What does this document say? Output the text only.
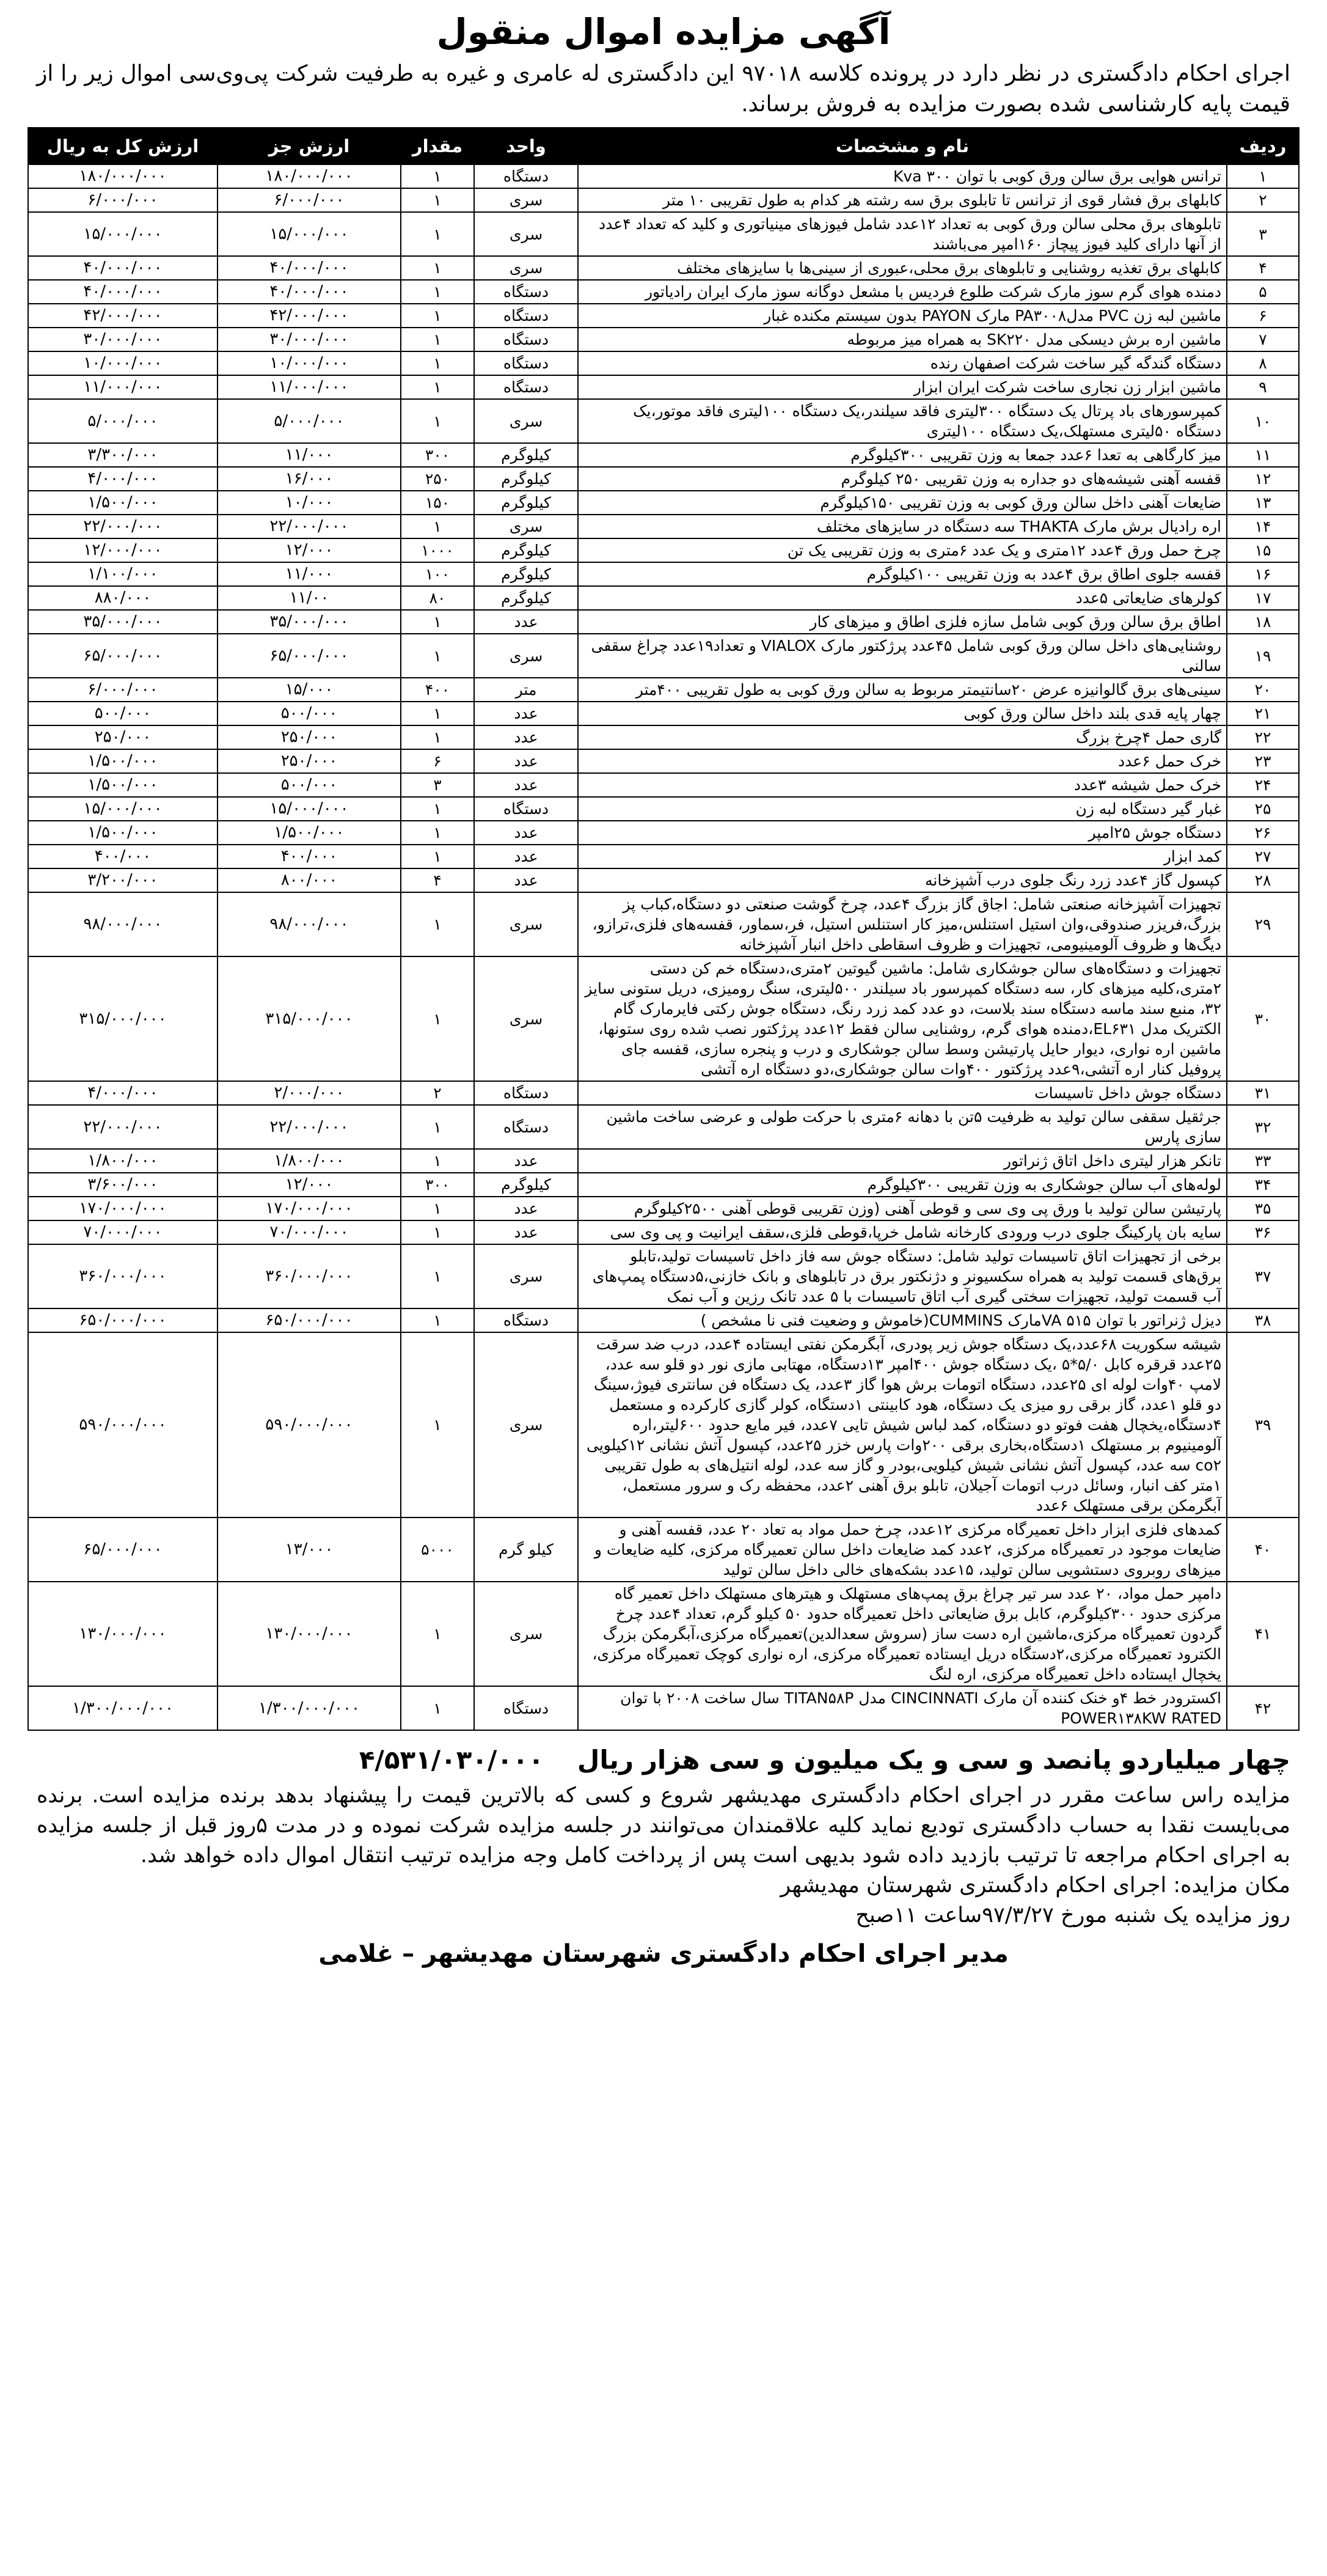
آگهی مزایده اموال منقول
اجرای احکام دادگستری در نظر دارد در پرونده کلاسه ۹۷۰۱۸ این دادگستری له عامری و غیره به طرفیت شرکت پی‌وی‌سی اموال زیر را از قیمت پایه کارشناسی شده بصورت مزایده به فروش برساند.
ردیف	نام و مشخصات	واحد	مقدار	ارزش جز	ارزش کل به ریال
۱	ترانس هوایی برق سالن ورق کوبی با توان ۳۰۰ Kva	دستگاه	۱	۱۸۰/۰۰۰/۰۰۰	۱۸۰/۰۰۰/۰۰۰
۲	کابلهای برق فشار قوی از ترانس تا تابلوی برق سه رشته هر کدام به طول تقریبی ۱۰ متر	سری	۱	۶/۰۰۰/۰۰۰	۶/۰۰۰/۰۰۰
۳	تابلوهای برق محلی سالن ورق کوبی به تعداد ۱۲عدد شامل فیوزهای مینیاتوری و کلید که تعداد ۴عدد از آنها دارای کلید فیوز پیچاز ۱۶۰امپر می‌باشند	سری	۱	۱۵/۰۰۰/۰۰۰	۱۵/۰۰۰/۰۰۰
۴	کابلهای برق تغذیه روشنایی و تابلوهای برق محلی،عبوری از سینی‌ها با سایزهای مختلف	سری	۱	۴۰/۰۰۰/۰۰۰	۴۰/۰۰۰/۰۰۰
۵	دمنده هوای گرم سوز مارک شرکت طلوع فردیس با مشعل دوگانه سوز مارک ایران رادیاتور	دستگاه	۱	۴۰/۰۰۰/۰۰۰	۴۰/۰۰۰/۰۰۰
۶	ماشین لبه زن PVC مدلPA۳۰۰۸ مارک PAYON بدون سیستم مکنده غبار	دستگاه	۱	۴۲/۰۰۰/۰۰۰	۴۲/۰۰۰/۰۰۰
۷	ماشین اره برش دیسکی مدل SK۲۲۰ به همراه میز مربوطه	دستگاه	۱	۳۰/۰۰۰/۰۰۰	۳۰/۰۰۰/۰۰۰
۸	دستگاه گندگه گیر ساخت شرکت اصفهان رنده	دستگاه	۱	۱۰/۰۰۰/۰۰۰	۱۰/۰۰۰/۰۰۰
۹	ماشین ابزار زن نجاری ساخت شرکت ایران ابزار	دستگاه	۱	۱۱/۰۰۰/۰۰۰	۱۱/۰۰۰/۰۰۰
۱۰	کمپرسورهای باد پرتال یک دستگاه ۳۰۰لیتری فاقد سیلندر،یک دستگاه ۱۰۰لیتری فاقد موتور،یک دستگاه ۵۰لیتری مستهلک،یک دستگاه ۱۰۰لیتری	سری	۱	۵/۰۰۰/۰۰۰	۵/۰۰۰/۰۰۰
۱۱	میز کارگاهی به تعدا ۶عدد جمعا به وزن تقریبی ۳۰۰کیلوگرم	کیلوگرم	۳۰۰	۱۱/۰۰۰	۳/۳۰۰/۰۰۰
۱۲	قفسه آهنی شیشه‌های دو جداره به وزن تقریبی ۲۵۰ کیلوگرم	کیلوگرم	۲۵۰	۱۶/۰۰۰	۴/۰۰۰/۰۰۰
۱۳	ضایعات آهنی داخل سالن ورق کوبی به وزن تقریبی ۱۵۰کیلوگرم	کیلوگرم	۱۵۰	۱۰/۰۰۰	۱/۵۰۰/۰۰۰
۱۴	اره رادیال برش مارک THAKTA سه دستگاه در سایزهای مختلف	سری	۱	۲۲/۰۰۰/۰۰۰	۲۲/۰۰۰/۰۰۰
۱۵	چرخ حمل ورق ۴عدد ۱۲متری و یک عدد ۶متری به وزن تقریبی یک تن	کیلوگرم	۱۰۰۰	۱۲/۰۰۰	۱۲/۰۰۰/۰۰۰
۱۶	قفسه جلوی اطاق برق ۴عدد به وزن تقریبی ۱۰۰کیلوگرم	کیلوگرم	۱۰۰	۱۱/۰۰۰	۱/۱۰۰/۰۰۰
۱۷	کولرهای ضایعاتی ۵عدد	کیلوگرم	۸۰	۱۱/۰۰	۸۸۰/۰۰۰
۱۸	اطاق برق سالن ورق کوبی شامل سازه فلزی اطاق و میزهای کار	عدد	۱	۳۵/۰۰۰/۰۰۰	۳۵/۰۰۰/۰۰۰
۱۹	روشنایی‌های داخل سالن ورق کوبی شامل ۴۵عدد پرژکتور مارک VIALOX و تعداد۱۹عدد چراغ سقفی سالنی	سری	۱	۶۵/۰۰۰/۰۰۰	۶۵/۰۰۰/۰۰۰
۲۰	سینی‌های برق گالوانیزه عرض ۲۰سانتیمتر مربوط به سالن ورق کوبی به طول تقریبی ۴۰۰متر	متر	۴۰۰	۱۵/۰۰۰	۶/۰۰۰/۰۰۰
۲۱	چهار پایه قدی بلند داخل سالن ورق کوبی	عدد	۱	۵۰۰/۰۰۰	۵۰۰/۰۰۰
۲۲	گاری حمل ۴چرخ بزرگ	عدد	۱	۲۵۰/۰۰۰	۲۵۰/۰۰۰
۲۳	خرک حمل ۶عدد	عدد	۶	۲۵۰/۰۰۰	۱/۵۰۰/۰۰۰
۲۴	خرک حمل شیشه ۳عدد	عدد	۳	۵۰۰/۰۰۰	۱/۵۰۰/۰۰۰
۲۵	غبار گیر دستگاه لبه زن	دستگاه	۱	۱۵/۰۰۰/۰۰۰	۱۵/۰۰۰/۰۰۰
۲۶	دستگاه جوش ۲۵امپر	عدد	۱	۱/۵۰۰/۰۰۰	۱/۵۰۰/۰۰۰
۲۷	کمد ابزار	عدد	۱	۴۰۰/۰۰۰	۴۰۰/۰۰۰
۲۸	کپسول گاز ۴عدد زرد رنگ جلوی درب آشپزخانه	عدد	۴	۸۰۰/۰۰۰	۳/۲۰۰/۰۰۰
۲۹	تجهیزات آشپزخانه صنعتی شامل: اجاق گاز بزرگ ۴عدد، چرخ گوشت صنعتی دو دستگاه،کباب پز بزرگ،فریزر صندوقی،وان استیل استنلس،میز کار استنلس استیل، فر،سماور، قفسه‌های فلزی،ترازو، دیگ‌ها و ظروف آلومینیومی، تجهیزات و ظروف اسقاطی داخل انبار آشپزخانه	سری	۱	۹۸/۰۰۰/۰۰۰	۹۸/۰۰۰/۰۰۰
۳۰	تجهیزات و دستگاه‌های سالن جوشکاری شامل: ماشین گیوتین ۲متری،دستگاه خم کن دستی ۲متری،کلیه میزهای کار، سه دستگاه کمپرسور باد سیلندر ۵۰۰لیتری، سنگ رومیزی، دریل ستونی سایز ۳۲، منبع سند ماسه دستگاه سند بلاست، دو عدد کمد زرد رنگ، دستگاه جوش رکتی فایرمارک گام الکتریک مدل EL۶۳۱،دمنده هوای گرم، روشنایی سالن فقط ۱۲عدد پرژکتور نصب شده روی ستونها، ماشین اره نواری، دیوار حایل پارتیشن وسط سالن جوشکاری و درب و پنجره سازی، قفسه جای پروفیل کنار اره آتشی،۹عدد پرژکتور ۴۰۰وات سالن جوشکاری،دو دستگاه اره آتشی	سری	۱	۳۱۵/۰۰۰/۰۰۰	۳۱۵/۰۰۰/۰۰۰
۳۱	دستگاه جوش داخل تاسیسات	دستگاه	۲	۲/۰۰۰/۰۰۰	۴/۰۰۰/۰۰۰
۳۲	جرثقیل سقفی سالن تولید به ظرفیت ۵تن با دهانه ۶متری با حرکت طولی و عرضی ساخت ماشین سازی پارس	دستگاه	۱	۲۲/۰۰۰/۰۰۰	۲۲/۰۰۰/۰۰۰
۳۳	تانکر هزار لیتری داخل اتاق ژنراتور	عدد	۱	۱/۸۰۰/۰۰۰	۱/۸۰۰/۰۰۰
۳۴	لوله‌های آب سالن جوشکاری به وزن تقریبی ۳۰۰کیلوگرم	کیلوگرم	۳۰۰	۱۲/۰۰۰	۳/۶۰۰/۰۰۰
۳۵	پارتیشن سالن تولید با ورق پی وی سی و قوطی آهنی (وزن تقریبی قوطی آهنی ۲۵۰۰کیلوگرم	عدد	۱	۱۷۰/۰۰۰/۰۰۰	۱۷۰/۰۰۰/۰۰۰
۳۶	سایه بان پارکینگ جلوی درب ورودی کارخانه شامل خرپا،قوطی فلزی،سقف ایرانیت و پی وی سی	عدد	۱	۷۰/۰۰۰/۰۰۰	۷۰/۰۰۰/۰۰۰
۳۷	برخی از تجهیزات اتاق تاسیسات تولید شامل: دستگاه جوش سه فاز داخل تاسیسات تولید،تابلو برق‌های قسمت تولید به همراه سکسیونر و دژنکتور برق در تابلوهای و بانک خازنی،۵دستگاه پمپ‌های آب قسمت تولید، تجهیزات سختی گیری آب اتاق تاسیسات با ۵ عدد تانک رزین و آب نمک	سری	۱	۳۶۰/۰۰۰/۰۰۰	۳۶۰/۰۰۰/۰۰۰
۳۸	دیزل ژنراتور با توان ۵۱۵ VAمارک CUMMINS(خاموش و وضعیت فنی نا مشخص )	دستگاه	۱	۶۵۰/۰۰۰/۰۰۰	۶۵۰/۰۰۰/۰۰۰
۳۹	شیشه سکوریت ۶۸عدد،یک دستگاه جوش زیر پودری، آبگرمکن نفتی ایستاده ۴عدد، درب ضد سرقت ۲۵عدد قرقره کابل ۵/۰*۵ ،یک دستگاه جوش ۴۰۰امپر ۱۳دستگاه، مهتابی مازی نور دو قلو سه عدد، لامپ ۴۰وات لوله ای ۲۵عدد، دستگاه اتومات برش هوا گاز ۳عدد، یک دستگاه فن سانتری فیوژ،سینگ دو قلو ۱عدد، گاز برقی رو میزی یک دستگاه، هود کابینتی ۱دستگاه، کولر گازی کارکرده و مستعمل ۴دستگاه،یخچال هفت فوتو دو دستگاه، کمد لباس شیش تایی ۷عدد، فیر مایع حدود ۶۰۰لیتر،اره آلومینیوم بر مستهلک ۱دستگاه،بخاری برقی ۲۰۰وات پارس خزر ۲۵عدد، کپسول آتش نشانی ۱۲کیلویی co۲ سه عدد، کپسول آتش نشانی شیش کیلویی،بودر و گاز سه عدد، لوله انتیل‌های به طول تقریبی ۱متر کف انبار، وسائل درب اتومات آجیلان، تابلو برق آهنی ۲عدد، محفظه رک و سرور مستعمل، آبگرمکن برقی مستهلک ۶عدد	سری	۱	۵۹۰/۰۰۰/۰۰۰	۵۹۰/۰۰۰/۰۰۰
۴۰	کمدهای فلزی ابزار داخل تعمیرگاه مرکزی ۱۲عدد، چرخ حمل مواد به تعاد ۲۰ عدد، قفسه آهنی و ضایعات موجود در تعمیرگاه مرکزی، ۲عدد کمد ضایعات داخل سالن تعمیرگاه مرکزی، کلیه ضایعات و میزهای روبروی دستشویی سالن تولید، ۱۵عدد بشکه‌های خالی داخل سالن تولید	کیلو گرم	۵۰۰۰	۱۳/۰۰۰	۶۵/۰۰۰/۰۰۰
۴۱	دامپر حمل مواد، ۲۰ عدد سر تیر چراغ برق پمپ‌های مستهلک و هیترهای مستهلک داخل تعمیر گاه مرکزی حدود ۳۰۰کیلوگرم، کابل برق ضایعاتی داخل تعمیرگاه حدود ۵۰ کیلو گرم، تعداد ۴عدد چرخ گردون تعمیرگاه مرکزی،ماشین اره دست ساز (سروش سعدالدین)تعمیرگاه مرکزی،آبگرمکن بزرگ الکترود تعمیرگاه مرکزی،۲دستگاه دریل ایستاده تعمیرگاه مرکزی، اره نواری کوچک تعمیرگاه مرکزی، یخچال ایستاده داخل تعمیرگاه مرکزی، اره لنگ	سری	۱	۱۳۰/۰۰۰/۰۰۰	۱۳۰/۰۰۰/۰۰۰
۴۲	اکسترودر خط ۴و خنک کننده آن مارک CINCINNATI مدل TITAN۵۸P سال ساخت ۲۰۰۸ با توان POWER۱۳۸KW RATED	دستگاه	۱	۱/۳۰۰/۰۰۰/۰۰۰	۱/۳۰۰/۰۰۰/۰۰۰
چهار میلیاردو پانصد و سی و یک میلیون و سی هزار ریال ۴/۵۳۱/۰۳۰/۰۰۰

مزایده راس ساعت مقرر در اجرای احکام دادگستری مهدیشهر شروع و کسی که بالاترین قیمت را پیشنهاد بدهد برنده مزایده است. برنده می‌بایست نقدا به حساب دادگستری تودیع نماید کلیه علاقمندان می‌توانند در جلسه مزایده شرکت نموده و در مدت ۵روز قبل از جلسه مزایده به اجرای احکام مراجعه تا ترتیب بازدید داده شود بدیهی است پس از پرداخت کامل وجه مزایده ترتیب انتقال اموال داده خواهد شد.

مکان مزایده: اجرای احکام دادگستری شهرستان مهدیشهر

روز مزایده یک شنبه مورخ ۹۷/۳/۲۷ساعت ۱۱صبح

مدیر اجرای احکام دادگستری شهرستان مهدیشهر – غلامی
